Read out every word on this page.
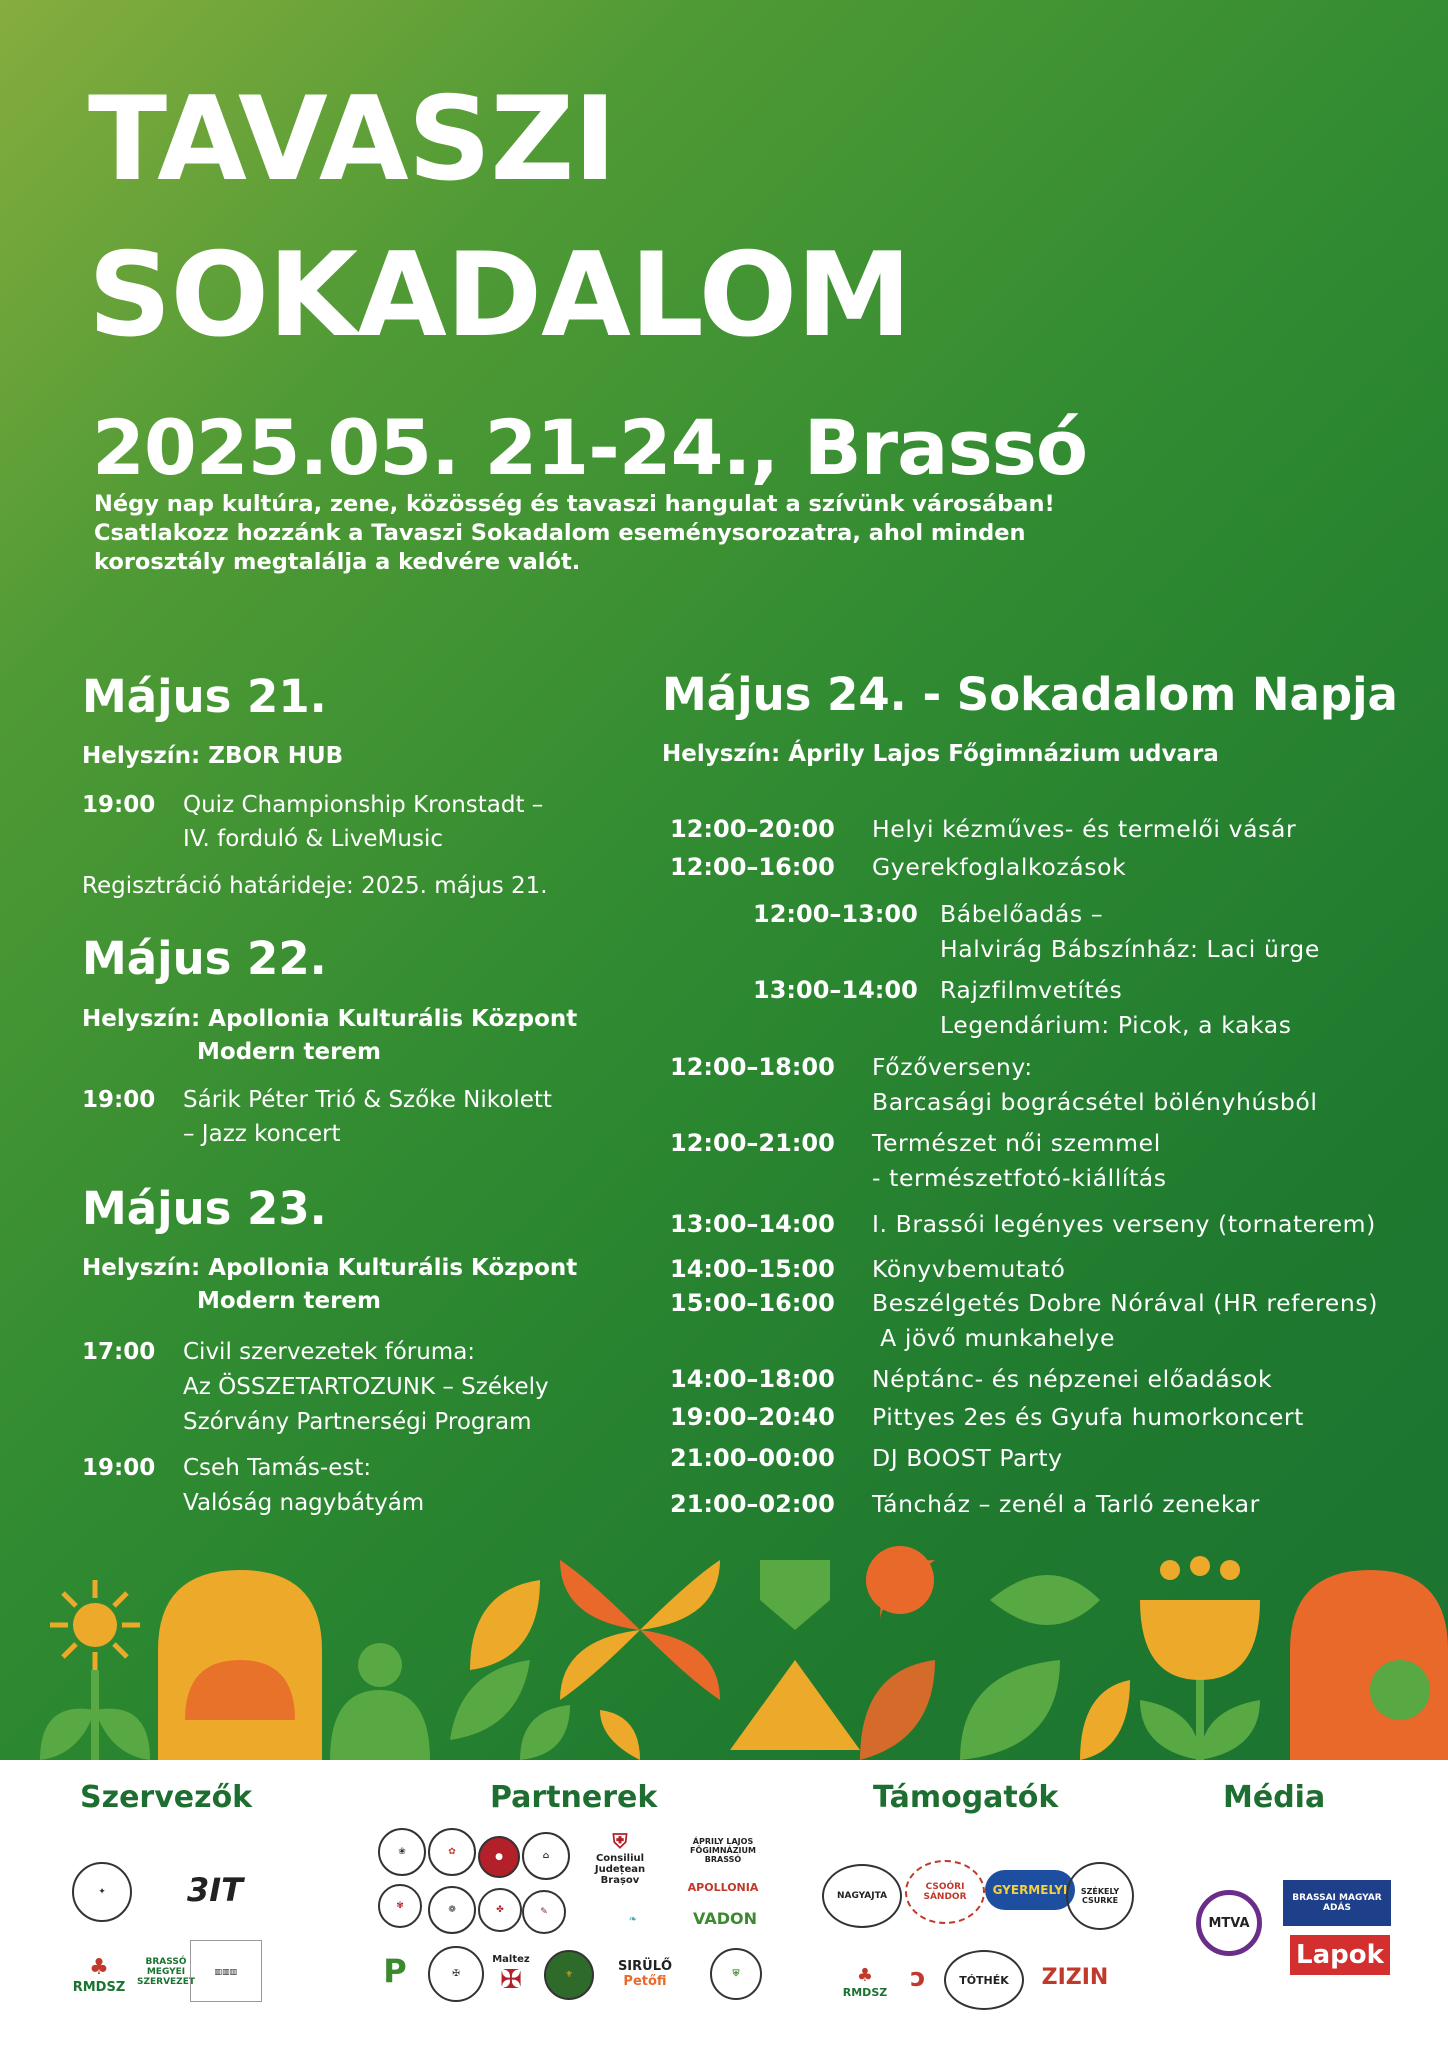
TAVASZI
SOKADALOM
2025.05. 21-24., Brassó
Négy nap kultúra, zene, közösség és tavaszi hangulat a szívünk városában!
Csatlakozz hozzánk a Tavaszi Sokadalom eseménysorozatra, ahol minden
korosztály megtalálja a kedvére valót.
Május 21.
Helyszín: ZBOR HUB
19:00 Quiz Championship Kronstadt –
IV. forduló & LiveMusic
Regisztráció határideje: 2025. május 21.
Május 22.
Helyszín: Apollonia Kulturális Központ
Modern terem
19:00 Sárik Péter Trió & Szőke Nikolett
– Jazz koncert
Május 23.
Helyszín: Apollonia Kulturális Központ
Modern terem
17:00 Civil szervezetek fóruma:
Az ÖSSZETARTOZUNK – Székely
Szórvány Partnerségi Program
19:00 Cseh Tamás-est:
Valóság nagybátyám
Május 24. - Sokadalom Napja
Helyszín: Áprily Lajos Főgimnázium udvara
12:00–20:00 Helyi kézműves- és termelői vásár
12:00–16:00 Gyerekfoglalkozások
12:00–13:00 Bábelőadás –
Halvirág Bábszínház: Laci ürge
13:00–14:00 Rajzfilmvetítés
Legendárium: Picok, a kakas
12:00–18:00 Főzőverseny:
Barcasági bográcsétel bölényhúsból
12:00–21:00 Természet női szemmel
- természetfotó-kiállítás
13:00–14:00 I. Brassói legényes verseny (tornaterem)
14:00–15:00 Könyvbemutató
15:00–16:00 Beszélgetés Dobre Nórával (HR referens)
A jövő munkahelye
14:00–18:00 Néptánc- és népzenei előadások
19:00–20:40 Pittyes 2es és Gyufa humorkoncert
21:00–00:00 DJ BOOST Party
21:00–02:00 Táncház – zenél a Tarló zenekar
Szervezők	Partnerek	Támogatók	Média
✦	3IT
♣
RMDSZ
BRASSÓ MEGYEI SZERVEZET
▥▥▥
❀	✿	●	⌂
⛨
Consiliul Județean Brașov
ÁPRILY LAJOS FŐGIMNÁZIUM BRASSÓ
✾	❁	✤	✎
APOLLONIA
❧	VADON
P	✠
Maltez
✠	⚜
SIRÜLŐ
Petőfi	⛨
NAGYAJTA
CSOÓRI SÁNDOR	GYERMELYI	SZÉKELY CSURKE
♣
RMDSZ ↄ	TÓTHÉK	ZIZIN
MTVA
BRASSAI MAGYAR ADÁS
Lapok
